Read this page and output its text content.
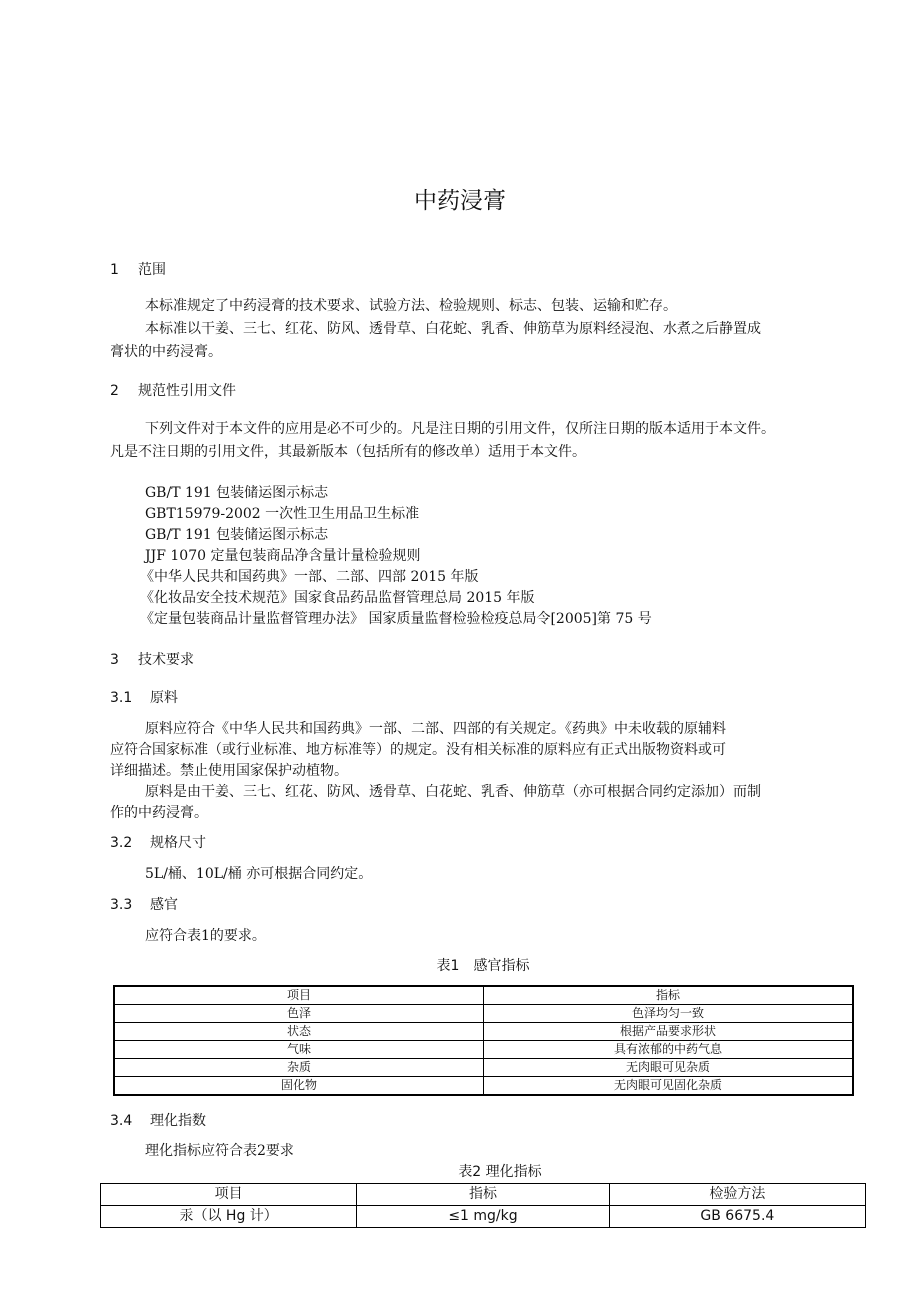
中药浸膏
1 范围
本标准规定了中药浸膏的技术要求、试验方法、检验规则、标志、包装、运输和贮存。
本标准以干姜、三七、红花、防风、透骨草、白花蛇、乳香、伸筋草为原料经浸泡、水煮之后静置成
膏状的中药浸膏。
2 规范性引用文件
下列文件对于本文件的应用是必不可少的。凡是注日期的引用文件，仅所注日期的版本适用于本文件。
凡是不注日期的引用文件，其最新版本（包括所有的修改单）适用于本文件。
GB/T 191 包装储运图示标志
GBT15979-2002 一次性卫生用品卫生标准
GB/T 191 包装储运图示标志
JJF 1070 定量包装商品净含量计量检验规则
《中华人民共和国药典》一部、二部、四部 2015 年版
《化妆品安全技术规范》国家食品药品监督管理总局 2015 年版
《定量包装商品计量监督管理办法》 国家质量监督检验检疫总局令[2005]第 75 号
3 技术要求
3.1 原料
原料应符合《中华人民共和国药典》一部、二部、四部的有关规定。《药典》中未收载的原辅料
应符合国家标准（或行业标准、地方标准等）的规定。没有相关标准的原料应有正式出版物资料或可
详细描述。禁止使用国家保护动植物。
原料是由干姜、三七、红花、防风、透骨草、白花蛇、乳香、伸筋草（亦可根据合同约定添加）而制
作的中药浸膏。
3.2 规格尺寸
5L/桶、10L/桶 亦可根据合同约定。
3.3 感官
应符合表1的要求。
表1　感官指标
项目	指标
色泽	色泽均匀一致
状态	根据产品要求形状
气味	具有浓郁的中药气息
杂质	无肉眼可见杂质
固化物	无肉眼可见固化杂质
3.4 理化指数
理化指标应符合表2要求
表2 理化指标
项目	指标	检验方法
汞（以 Hg 计）	≤1 mg/kg	GB 6675.4
